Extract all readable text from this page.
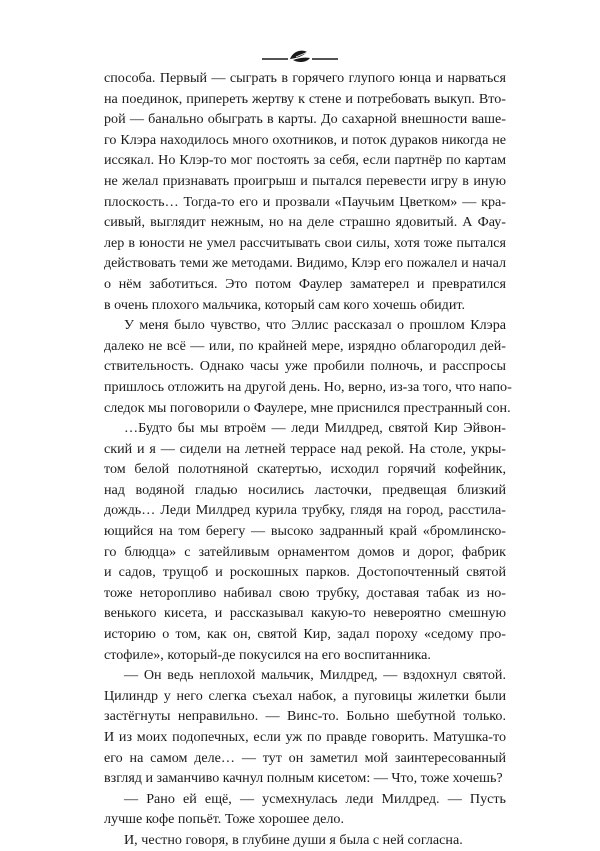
способа. Первый — сыграть в горячего глупого юнца и нарваться
на поединок, припереть жертву к стене и потребовать выкуп. Вто-
рой — банально обыграть в карты. До сахарной внешности ваше-
го Клэра находилось много охотников, и поток дураков никогда не
иссякал. Но Клэр-то мог постоять за себя, если партнёр по картам
не желал признавать проигрыш и пытался перевести игру в иную
плоскость… Тогда-то его и прозвали «Паучьим Цветком» — кра-
сивый, выглядит нежным, но на деле страшно ядовитый. А Фау-
лер в юности не умел рассчитывать свои силы, хотя тоже пытался
действовать теми же методами. Видимо, Клэр его пожалел и начал
о нём заботиться. Это потом Фаулер заматерел и превратился
в очень плохого мальчика, который сам кого хочешь обидит.

У меня было чувство, что Эллис рассказал о прошлом Клэра
далеко не всё — или, по крайней мере, изрядно облагородил дей-
ствительность. Однако часы уже пробили полночь, и расспросы
пришлось отложить на другой день. Но, верно, из-за того, что напо-
следок мы поговорили о Фаулере, мне приснился престранный сон.

…Будто бы мы втроём — леди Милдред, святой Кир Эйвон-
ский и я — сидели на летней террасе над рекой. На столе, укры-
том белой полотняной скатертью, исходил горячий кофейник,
над водяной гладью носились ласточки, предвещая близкий
дождь… Леди Милдред курила трубку, глядя на город, расстила-
ющийся на том берегу — высоко задранный край «бромлинско-
го блюдца» с затейливым орнаментом домов и дорог, фабрик
и садов, трущоб и роскошных парков. Достопочтенный святой
тоже неторопливо набивал свою трубку, доставая табак из но-
венького кисета, и рассказывал какую-то невероятно смешную
историю о том, как он, святой Кир, задал пороху «седому про-
стофиле», который-де покусился на его воспитанника.

— Он ведь неплохой мальчик, Милдред, — вздохнул святой.
Цилиндр у него слегка съехал набок, а пуговицы жилетки были
застёгнуты неправильно. — Винс-то. Больно шебутной только.
И из моих подопечных, если уж по правде говорить. Матушка-то
его на самом деле… — тут он заметил мой заинтересованный
взгляд и заманчиво качнул полным кисетом: — Что, тоже хочешь?

— Рано ей ещё, — усмехнулась леди Милдред. — Пусть
лучше кофе попьёт. Тоже хорошее дело.

И, честно говоря, в глубине души я была с ней согласна.
